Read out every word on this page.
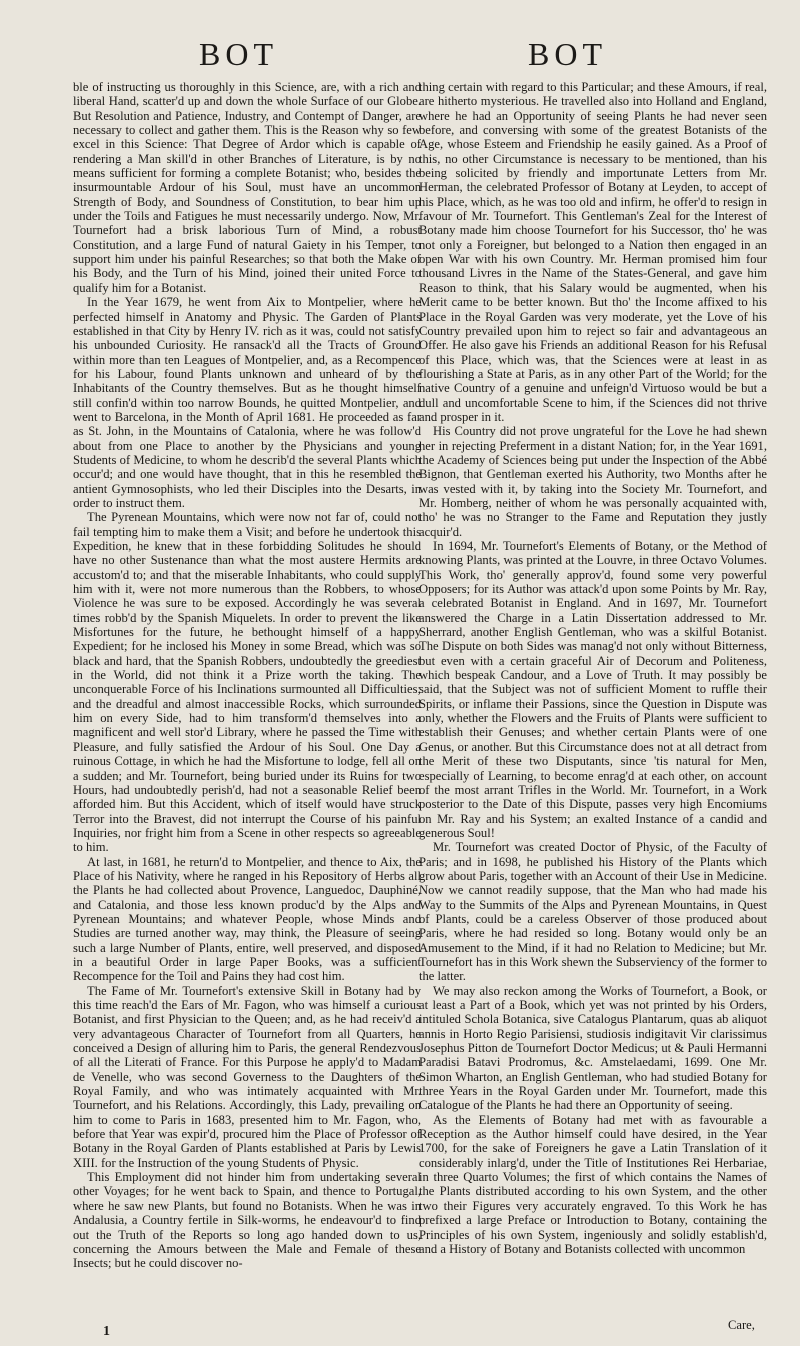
BOT	BOT

ble of instructing us thoroughly in this Science, are, with a rich and liberal Hand, scatter'd up and down the whole Surface of our Globe. But Resolution and Patience, Industry, and Contempt of Danger, are necessary to collect and gather them. This is the Reason why so few excel in this Science: That Degree of Ardor which is capable of rendering a Man skill'd in other Branches of Literature, is by no means sufficient for forming a complete Botanist; who, besides the insurmountable Ardour of his Soul, must have an uncommon Strength of Body, and Soundness of Constitution, to bear him up under the Toils and Fatigues he must necessarily undergo. Now, Mr. Tournefort had a brisk laborious Turn of Mind, a robust Constitution, and a large Fund of natural Gaiety in his Temper, to support him under his painful Researches; so that both the Make of his Body, and the Turn of his Mind, joined their united Force to qualify him for a Botanist.

In the Year 1679, he went from Aix to Montpelier, where he perfected himself in Anatomy and Physic. The Garden of Plants established in that City by Henry IV. rich as it was, could not satisfy his unbounded Curiosity. He ransack'd all the Tracts of Ground within more than ten Leagues of Montpelier, and, as a Recompence for his Labour, found Plants unknown and unheard of by the Inhabitants of the Country themselves. But as he thought himself still confin'd within too narrow Bounds, he quitted Montpelier, and went to Barcelona, in the Month of April 1681. He proceeded as far as St. John, in the Mountains of Catalonia, where he was follow'd about from one Place to another by the Physicians and young Students of Medicine, to whom he describ'd the several Plants which occur'd; and one would have thought, that in this he resembled the antient Gymnosophists, who led their Disciples into the Desarts, in order to instruct them.

The Pyrenean Mountains, which were now not far of, could not fail tempting him to make them a Visit; and before he undertook this Expedition, he knew that in these forbidding Solitudes he should have no other Sustenance than what the most austere Hermits are accustom'd to; and that the miserable Inhabitants, who could supply him with it, were not more numerous than the Robbers, to whose Violence he was sure to be exposed. Accordingly he was several times robb'd by the Spanish Miquelets. In order to prevent the like Misfortunes for the future, he bethought himself of a happy Expedient; for he inclosed his Money in some Bread, which was so black and hard, that the Spanish Robbers, undoubtedly the greediest in the World, did not think it a Prize worth the taking. The unconquerable Force of his Inclinations surmounted all Difficulties; and the dreadful and almost inaccessible Rocks, which surrounded him on every Side, had to him transform'd themselves into a magnificent and well stor'd Library, where he passed the Time with Pleasure, and fully satisfied the Ardour of his Soul. One Day a ruinous Cottage, in which he had the Misfortune to lodge, fell all on a sudden; and Mr. Tournefort, being buried under its Ruins for two Hours, had undoubtedly perish'd, had not a seasonable Relief been afforded him. But this Accident, which of itself would have struck Terror into the Bravest, did not interrupt the Course of his painful Inquiries, nor fright him from a Scene in other respects so agreeable to him.

At last, in 1681, he return'd to Montpelier, and thence to Aix, the Place of his Nativity, where he ranged in his Repository of Herbs all the Plants he had collected about Provence, Languedoc, Dauphiné, and Catalonia, and those less known produc'd by the Alps and Pyrenean Mountains; and whatever People, whose Minds and Studies are turned another way, may think, the Pleasure of seeing such a large Number of Plants, entire, well preserved, and disposed in a beautiful Order in large Paper Books, was a sufficient Recompence for the Toil and Pains they had cost him.

The Fame of Mr. Tournefort's extensive Skill in Botany had by this time reach'd the Ears of Mr. Fagon, who was himself a curious Botanist, and first Physician to the Queen; and, as he had receiv'd a very advantageous Character of Tournefort from all Quarters, he conceived a Design of alluring him to Paris, the general Rendezvous of all the Literati of France. For this Purpose he apply'd to Madam de Venelle, who was second Governess to the Daughters of the Royal Family, and who was intimately acquainted with Mr. Tournefort, and his Relations. Accordingly, this Lady, prevailing on him to come to Paris in 1683, presented him to Mr. Fagon, who, before that Year was expir'd, procured him the Place of Professor of Botany in the Royal Garden of Plants established at Paris by Lewis XIII. for the Instruction of the young Students of Physic.

This Employment did not hinder him from undertaking several other Voyages; for he went back to Spain, and thence to Portugal, where he saw new Plants, but found no Botanists. When he was in Andalusia, a Country fertile in Silk-worms, he endeavour'd to find out the Truth of the Reports so long ago handed down to us, concerning the Amours between the Male and Female of these Insects; but he could discover no-

thing certain with regard to this Particular; and these Amours, if real, are hitherto mysterious. He travelled also into Holland and England, where he had an Opportunity of seeing Plants he had never seen before, and conversing with some of the greatest Botanists of the Age, whose Esteem and Friendship he easily gained. As a Proof of this, no other Circumstance is necessary to be mentioned, than his being solicited by friendly and importunate Letters from Mr. Herman, the celebrated Professor of Botany at Leyden, to accept of his Place, which, as he was too old and infirm, he offer'd to resign in favour of Mr. Tournefort. This Gentleman's Zeal for the Interest of Botany made him choose Tournefort for his Successor, tho' he was not only a Foreigner, but belonged to a Nation then engaged in an open War with his own Country. Mr. Herman promised him four thousand Livres in the Name of the States-General, and gave him Reason to think, that his Salary would be augmented, when his Merit came to be better known. But tho' the Income affixed to his Place in the Royal Garden was very moderate, yet the Love of his Country prevailed upon him to reject so fair and advantageous an Offer. He also gave his Friends an additional Reason for his Refusal of this Place, which was, that the Sciences were at least in as flourishing a State at Paris, as in any other Part of the World; for the native Country of a genuine and unfeign'd Virtuoso would be but a dull and uncomfortable Scene to him, if the Sciences did not thrive and prosper in it.

His Country did not prove ungrateful for the Love he had shewn her in rejecting Preferment in a distant Nation; for, in the Year 1691, the Academy of Sciences being put under the Inspection of the Abbé Bignon, that Gentleman exerted his Authority, two Months after he was vested with it, by taking into the Society Mr. Tournefort, and Mr. Homberg, neither of whom he was personally acquainted with, tho' he was no Stranger to the Fame and Reputation they justly acquir'd.

In 1694, Mr. Tournefort's Elements of Botany, or the Method of knowing Plants, was printed at the Louvre, in three Octavo Volumes. This Work, tho' generally approv'd, found some very powerful Opposers; for its Author was attack'd upon some Points by Mr. Ray, a celebrated Botanist in England. And in 1697, Mr. Tournefort answered the Charge in a Latin Dissertation addressed to Mr. Sherrard, another English Gentleman, who was a skilful Botanist. The Dispute on both Sides was manag'd not only without Bitterness, but even with a certain graceful Air of Decorum and Politeness, which bespeak Candour, and a Love of Truth. It may possibly be said, that the Subject was not of sufficient Moment to ruffle their Spirits, or inflame their Passions, since the Question in Dispute was only, whether the Flowers and the Fruits of Plants were sufficient to establish their Genuses; and whether certain Plants were of one Genus, or another. But this Circumstance does not at all detract from the Merit of these two Disputants, since 'tis natural for Men, especially of Learning, to become enrag'd at each other, on account of the most arrant Trifles in the World. Mr. Tournefort, in a Work posterior to the Date of this Dispute, passes very high Encomiums on Mr. Ray and his System; an exalted Instance of a candid and generous Soul!

Mr. Tournefort was created Doctor of Physic, of the Faculty of Paris; and in 1698, he published his History of the Plants which grow about Paris, together with an Account of their Use in Medicine. Now we cannot readily suppose, that the Man who had made his Way to the Summits of the Alps and Pyrenean Mountains, in Quest of Plants, could be a careless Observer of those produced about Paris, where he had resided so long. Botany would only be an Amusement to the Mind, if it had no Relation to Medicine; but Mr. Tournefort has in this Work shewn the Subserviency of the former to the latter.

We may also reckon among the Works of Tournefort, a Book, or at least a Part of a Book, which yet was not printed by his Orders, intituled Schola Botanica, sive Catalogus Plantarum, quas ab aliquot annis in Horto Regio Parisiensi, studiosis indigitavit Vir clarissimus Josephus Pitton de Tournefort Doctor Medicus; ut & Pauli Hermanni Paradisi Batavi Prodromus, &c. Amstelaedami, 1699. One Mr. Simon Wharton, an English Gentleman, who had studied Botany for three Years in the Royal Garden under Mr. Tournefort, made this Catalogue of the Plants he had there an Opportunity of seeing.

As the Elements of Botany had met with as favourable a Reception as the Author himself could have desired, in the Year 1700, for the sake of Foreigners he gave a Latin Translation of it considerably inlarg'd, under the Title of Institutiones Rei Herbariae, in three Quarto Volumes; the first of which contains the Names of the Plants distributed according to his own System, and the other two their Figures very accurately engraved. To this Work he has prefixed a large Preface or Introduction to Botany, containing the Principles of his own System, ingeniously and solidly establish'd, and a History of Botany and Botanists collected with uncommon

1	Care,
